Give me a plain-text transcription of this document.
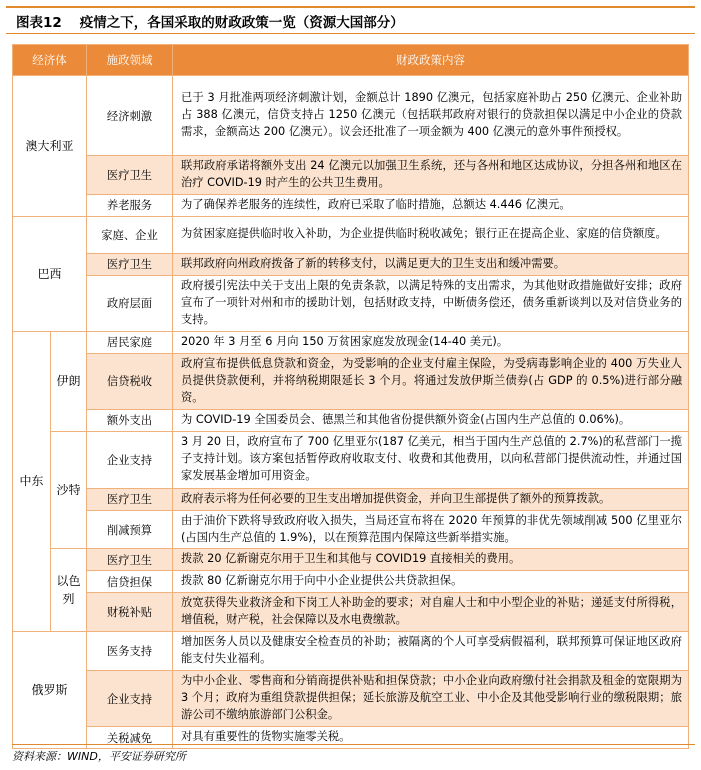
图表12 疫情之下，各国采取的财政政策一览（资源大国部分）
经济体		施政领域	财政政策内容
澳大利亚		经济刺激	已于 3 月批准两项经济刺激计划，金额总计 1890 亿澳元，包括家庭补助占 250 亿澳元、企业补助占 388 亿澳元，信贷支持占 1250 亿澳元（包括联邦政府对银行的贷款担保以满足中小企业的贷款需求，金额高达 200 亿澳元）。议会还批准了一项金额为 400 亿澳元的意外事件预授权。
		医疗卫生	联邦政府承诺将额外支出 24 亿澳元以加强卫生系统，还与各州和地区达成协议，分担各州和地区在治疗 COVID-19 时产生的公共卫生费用。
		养老服务	为了确保养老服务的连续性，政府已采取了临时措施，总额达 4.446 亿澳元。
巴西		家庭、企业	为贫困家庭提供临时收入补助，为企业提供临时税收减免；银行正在提高企业、家庭的信贷额度。
		医疗卫生	联邦政府向州政府拨备了新的转移支付，以满足更大的卫生支出和缓冲需要。
		政府层面	政府援引宪法中关于支出上限的免责条款，以满足特殊的支出需求，为其他财政措施做好安排；政府宣布了一项针对州和市的援助计划，包括财政支持，中断债务偿还，债务重新谈判以及对信贷业务的支持。
中东	伊朗	居民家庭	2020 年 3 月至 6 月向 150 万贫困家庭发放现金(14-40 美元)。
		信贷税收	政府宣布提供低息贷款和资金，为受影响的企业支付雇主保险，为受病毒影响企业的 400 万失业人员提供贷款便利，并将纳税期限延长 3 个月。将通过发放伊斯兰债券(占 GDP 的 0.5%)进行部分融资。
		额外支出	为 COVID-19 全国委员会、德黑兰和其他省份提供额外资金(占国内生产总值的 0.06%)。
	沙特	企业支持	3 月 20 日，政府宣布了 700 亿里亚尔(187 亿美元，相当于国内生产总值的 2.7%)的私营部门一揽子支持计划。该方案包括暂停政府收取支付、收费和其他费用，以向私营部门提供流动性，并通过国家发展基金增加可用资金。
		医疗卫生	政府表示将为任何必要的卫生支出增加提供资金，并向卫生部提供了额外的预算拨款。
		削减预算	由于油价下跌将导致政府收入损失，当局还宣布将在 2020 年预算的非优先领域削减 500 亿里亚尔(占国内生产总值的 1.9%)，以在预算范围内保障这些新举措实施。
	以色列	医疗卫生	拨款 20 亿新谢克尔用于卫生和其他与 COVID19 直接相关的费用。
		信贷担保	拨款 80 亿新谢克尔用于向中小企业提供公共贷款担保。
		财税补贴	放宽获得失业救济金和下岗工人补助金的要求；对自雇人士和中小型企业的补贴；递延支付所得税，增值税，财产税，社会保障以及水电费缴款。
俄罗斯		医务支持	增加医务人员以及健康安全检查员的补助；被隔离的个人可享受病假福利，联邦预算可保证地区政府能支付失业福利。
		企业支持	为中小企业、零售商和分销商提供补贴和担保贷款；中小企业向政府缴付社会捐款及租金的宽限期为 3 个月；政府为重组贷款提供担保；延长旅游及航空工业、中小企及其他受影响行业的缴税限期；旅游公司不缴纳旅游部门公积金。
		关税减免	对具有重要性的货物实施零关税。
资料来源：WIND，平安证券研究所
